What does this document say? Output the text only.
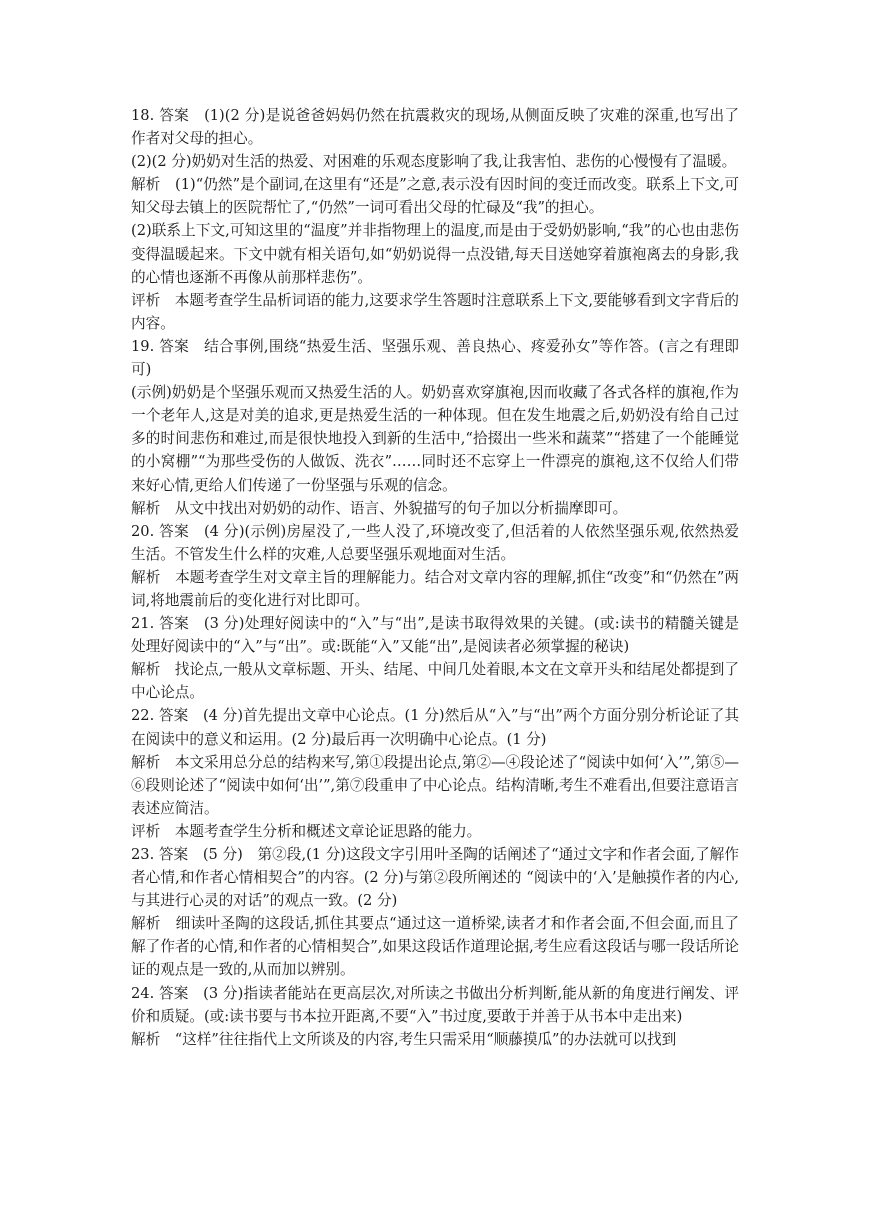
18. 答案　(1)(2 分)是说爸爸妈妈仍然在抗震救灾的现场,从侧面反映了灾难的深重,也写出了作者对父母的担心。

(2)(2 分)奶奶对生活的热爱、对困难的乐观态度影响了我,让我害怕、悲伤的心慢慢有了温暖。

解析　(1)“仍然”是个副词,在这里有“还是”之意,表示没有因时间的变迁而改变。联系上下文,可知父母去镇上的医院帮忙了,“仍然”一词可看出父母的忙碌及“我”的担心。

(2)联系上下文,可知这里的“温度”并非指物理上的温度,而是由于受奶奶影响,“我”的心也由悲伤变得温暖起来。下文中就有相关语句,如“奶奶说得一点没错,每天目送她穿着旗袍离去的身影,我的心情也逐渐不再像从前那样悲伤”。

评析　本题考查学生品析词语的能力,这要求学生答题时注意联系上下文,要能够看到文字背后的内容。

19. 答案　结合事例,围绕“热爱生活、坚强乐观、善良热心、疼爱孙女”等作答。(言之有理即可)

(示例)奶奶是个坚强乐观而又热爱生活的人。奶奶喜欢穿旗袍,因而收藏了各式各样的旗袍,作为一个老年人,这是对美的追求,更是热爱生活的一种体现。但在发生地震之后,奶奶没有给自己过多的时间悲伤和难过,而是很快地投入到新的生活中,“拾掇出一些米和蔬菜”“搭建了一个能睡觉的小窝棚”“为那些受伤的人做饭、洗衣”……同时还不忘穿上一件漂亮的旗袍,这不仅给人们带来好心情,更给人们传递了一份坚强与乐观的信念。

解析　从文中找出对奶奶的动作、语言、外貌描写的句子加以分析揣摩即可。

20. 答案　(4 分)(示例)房屋没了,一些人没了,环境改变了,但活着的人依然坚强乐观,依然热爱生活。不管发生什么样的灾难,人总要坚强乐观地面对生活。

解析　本题考查学生对文章主旨的理解能力。结合对文章内容的理解,抓住“改变”和“仍然在”两词,将地震前后的变化进行对比即可。

21. 答案　(3 分)处理好阅读中的“入”与“出”,是读书取得效果的关键。(或:读书的精髓关键是处理好阅读中的“入”与“出”。或:既能“入”又能“出”,是阅读者必须掌握的秘诀)

解析　找论点,一般从文章标题、开头、结尾、中间几处着眼,本文在文章开头和结尾处都提到了中心论点。

22. 答案　(4 分)首先提出文章中心论点。(1 分)然后从“入”与“出”两个方面分别分析论证了其在阅读中的意义和运用。(2 分)最后再一次明确中心论点。(1 分)

解析　本文采用总分总的结构来写,第①段提出论点,第②—④段论述了“阅读中如何‘入’”,第⑤—⑥段则论述了“阅读中如何‘出’”,第⑦段重申了中心论点。结构清晰,考生不难看出,但要注意语言表述应简洁。

评析　本题考查学生分析和概述文章论证思路的能力。

23. 答案　(5 分)　第②段,(1 分)这段文字引用叶圣陶的话阐述了“通过文字和作者会面,了解作者心情,和作者心情相契合”的内容。(2 分)与第②段所阐述的 “阅读中的‘入’是触摸作者的内心,与其进行心灵的对话”的观点一致。(2 分)

解析　细读叶圣陶的这段话,抓住其要点“通过这一道桥梁,读者才和作者会面,不但会面,而且了解了作者的心情,和作者的心情相契合”,如果这段话作道理论据,考生应看这段话与哪一段话所论证的观点是一致的,从而加以辨别。

24. 答案　(3 分)指读者能站在更高层次,对所读之书做出分析判断,能从新的角度进行阐发、评价和质疑。(或:读书要与书本拉开距离,不要“入”书过度,要敢于并善于从书本中走出来)

解析　“这样”往往指代上文所谈及的内容,考生只需采用“顺藤摸瓜”的办法就可以找到
